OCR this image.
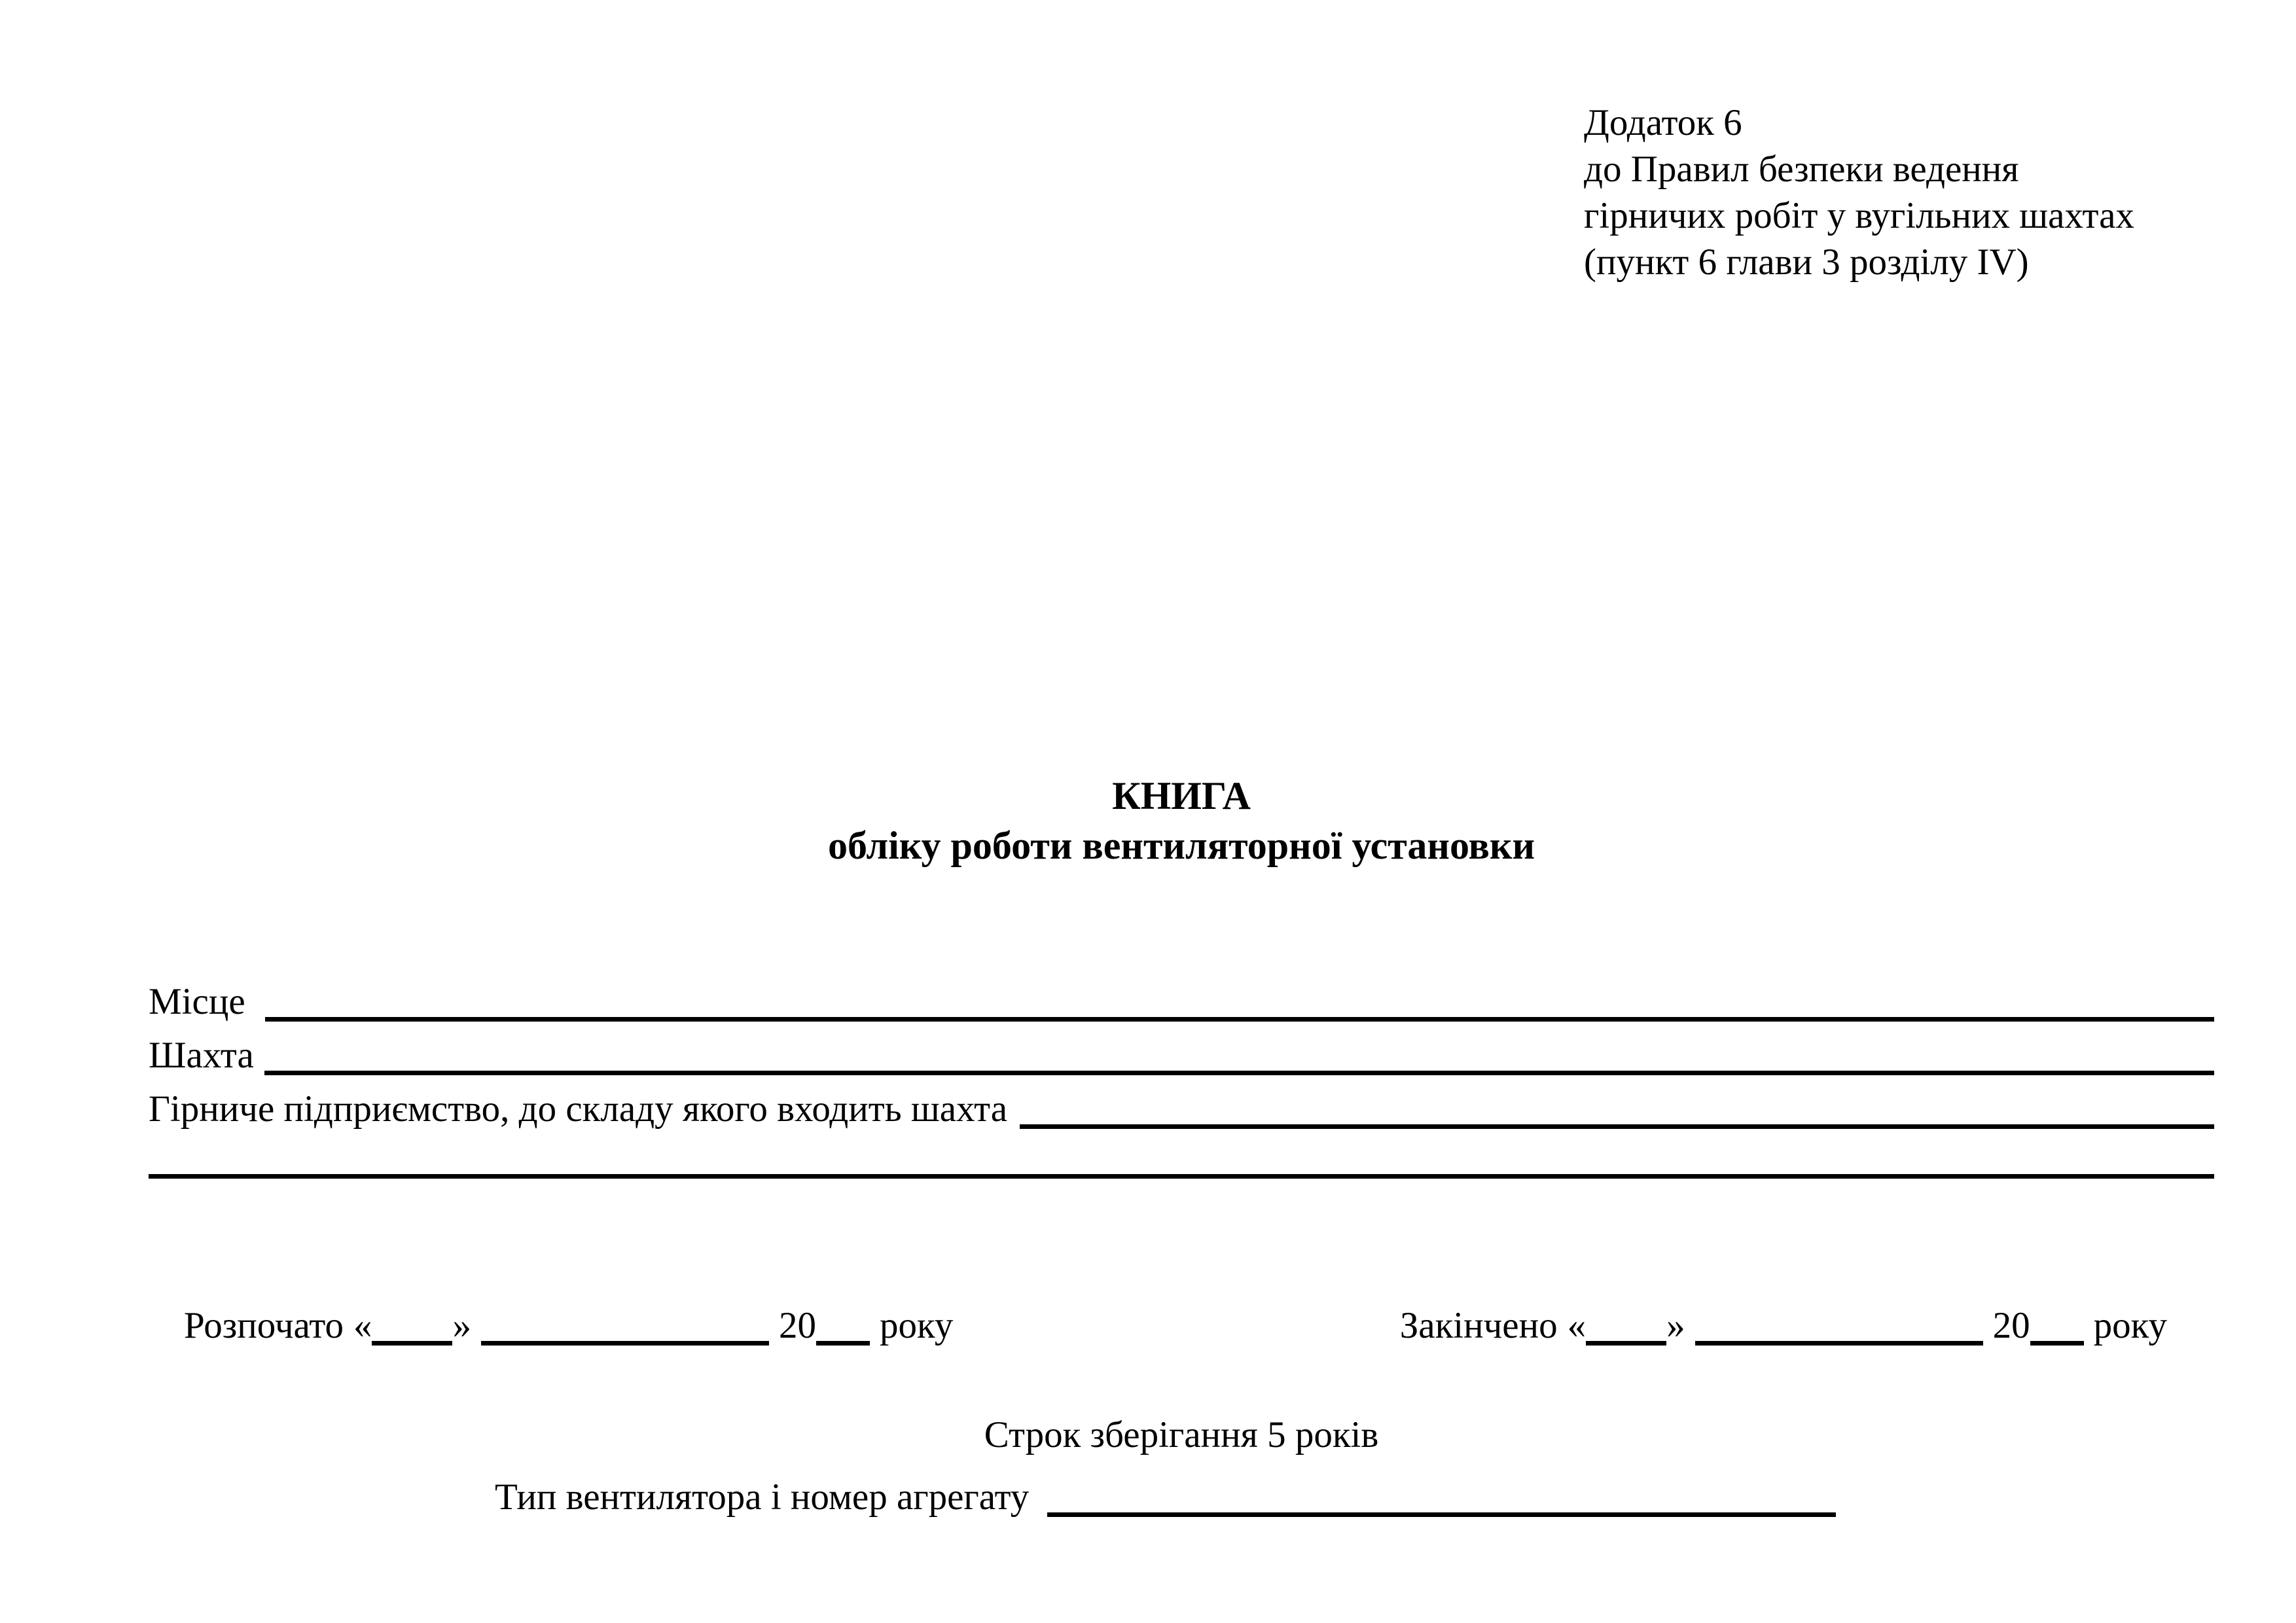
Додаток 6
до Правил безпеки ведення
гірничих робіт у вугільних шахтах
(пункт 6 глави 3 розділу IV)
КНИГА
обліку роботи вентиляторної установки
Місце
Шахта
Гірниче підприємство, до складу якого входить шахта
Розпочато « »	20 року	Закінчено « »	20 року
Строк зберігання 5 років
Тип вентилятора і номер агрегату
